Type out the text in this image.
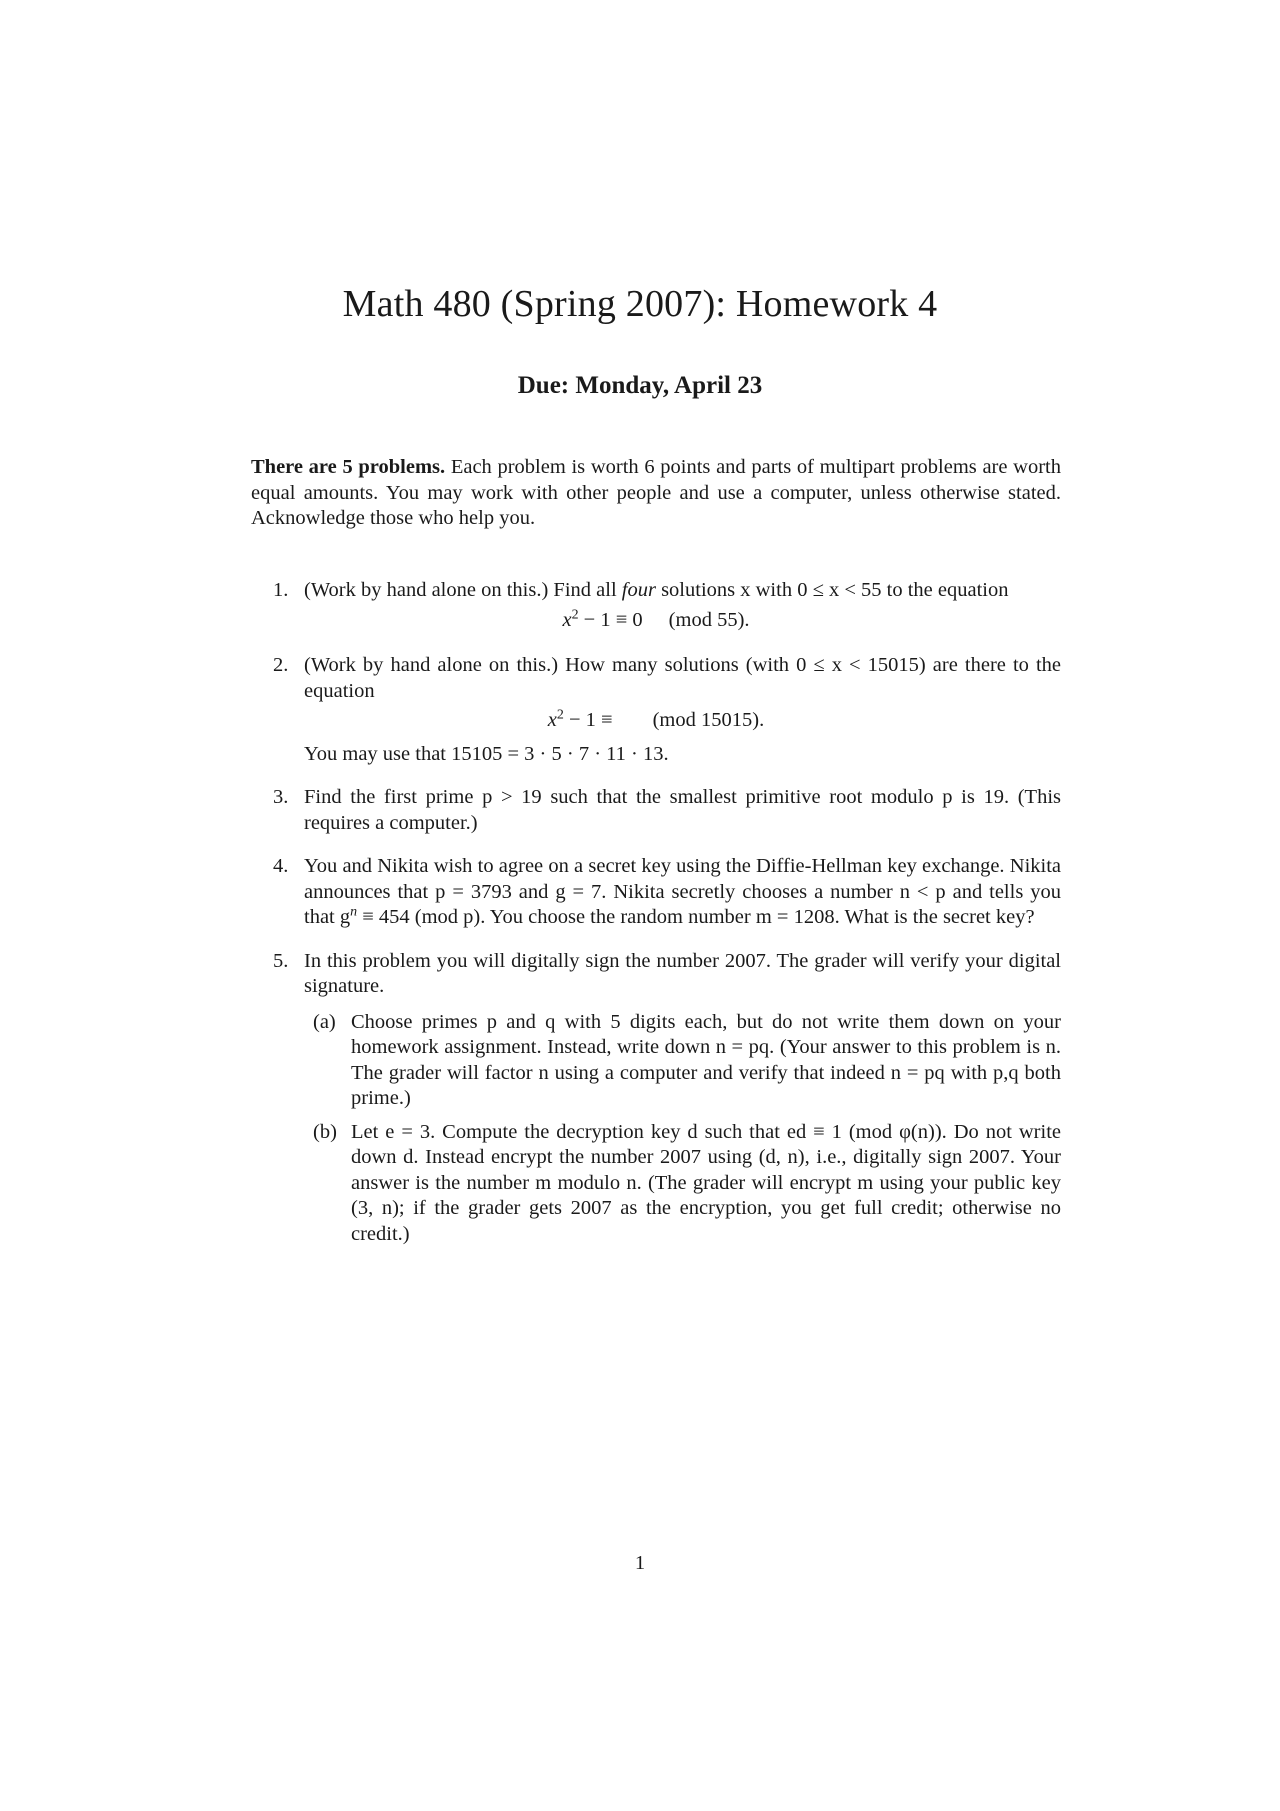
Math 480 (Spring 2007): Homework 4
Due: Monday, April 23

There are 5 problems. Each problem is worth 6 points and parts of multipart problems are worth equal amounts. You may work with other people and use a computer, unless otherwise stated. Acknowledge those who help you.

1. (Work by hand alone on this.) Find all four solutions x with 0 ≤ x < 55 to the equation
$x^2 - 1 \equiv 0$ (mod 55).
2. (Work by hand alone on this.) How many solutions (with 0 ≤ x < 15015) are there to the equation
$x^2 - 1 \equiv (mod$ 15015).
You may use that 15105 = 3 · 5 · 7 · 11 · 13.
3. Find the first prime p > 19 such that the smallest primitive root modulo p is 19. (This requires a computer.)
4. You and Nikita wish to agree on a secret key using the Diffie-Hellman key exchange. Nikita announces that p = 3793 and g = 7. Nikita secretly chooses a number n < p and tells you that $g^n \equiv 454$ (mod p). You choose the random number m = 1208. What is the secret key?
5. In this problem you will digitally sign the number 2007. The grader will verify your digital signature.
(a) Choose primes p and q with 5 digits each, but do not write them down on your homework assignment. Instead, write down n = pq. (Your answer to this problem is n. The grader will factor n using a computer and verify that indeed n = pq with p,q both prime.)
(b) Let e = 3. Compute the decryption key d such that ed ≡ 1 (mod φ(n)). Do not write down d. Instead encrypt the number 2007 using (d, n), i.e., digitally sign 2007. Your answer is the number m modulo n. (The grader will encrypt m using your public key (3, n); if the grader gets 2007 as the encryption, you get full credit; otherwise no credit.)
1
